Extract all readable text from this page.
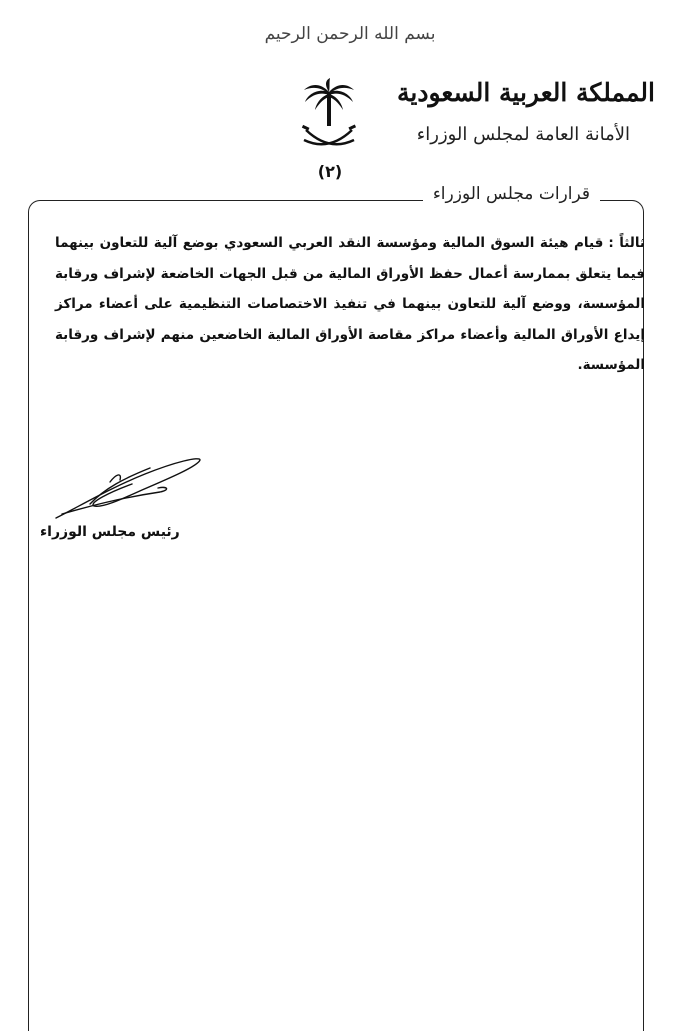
بسم الله الرحمن الرحيم
المملكة العربية السعودية
الأمانة العامة لمجلس الوزراء
(٢)
قرارات مجلس الوزراء
ثالثاً :قيام هيئة السوق المالية ومؤسسة النقد العربي السعودي بوضع آلية للتعاون بينهما فيما يتعلق بممارسة أعمال حفظ الأوراق المالية من قبل الجهات الخاضعة لإشراف ورقابة المؤسسة، ووضع آلية للتعاون بينهما في تنفيذ الاختصاصات التنظيمية على أعضاء مراكز إيداع الأوراق المالية وأعضاء مراكز مقاصة الأوراق المالية الخاضعين منهم لإشراف ورقابة المؤسسة.
رئيس مجلس الوزراء
